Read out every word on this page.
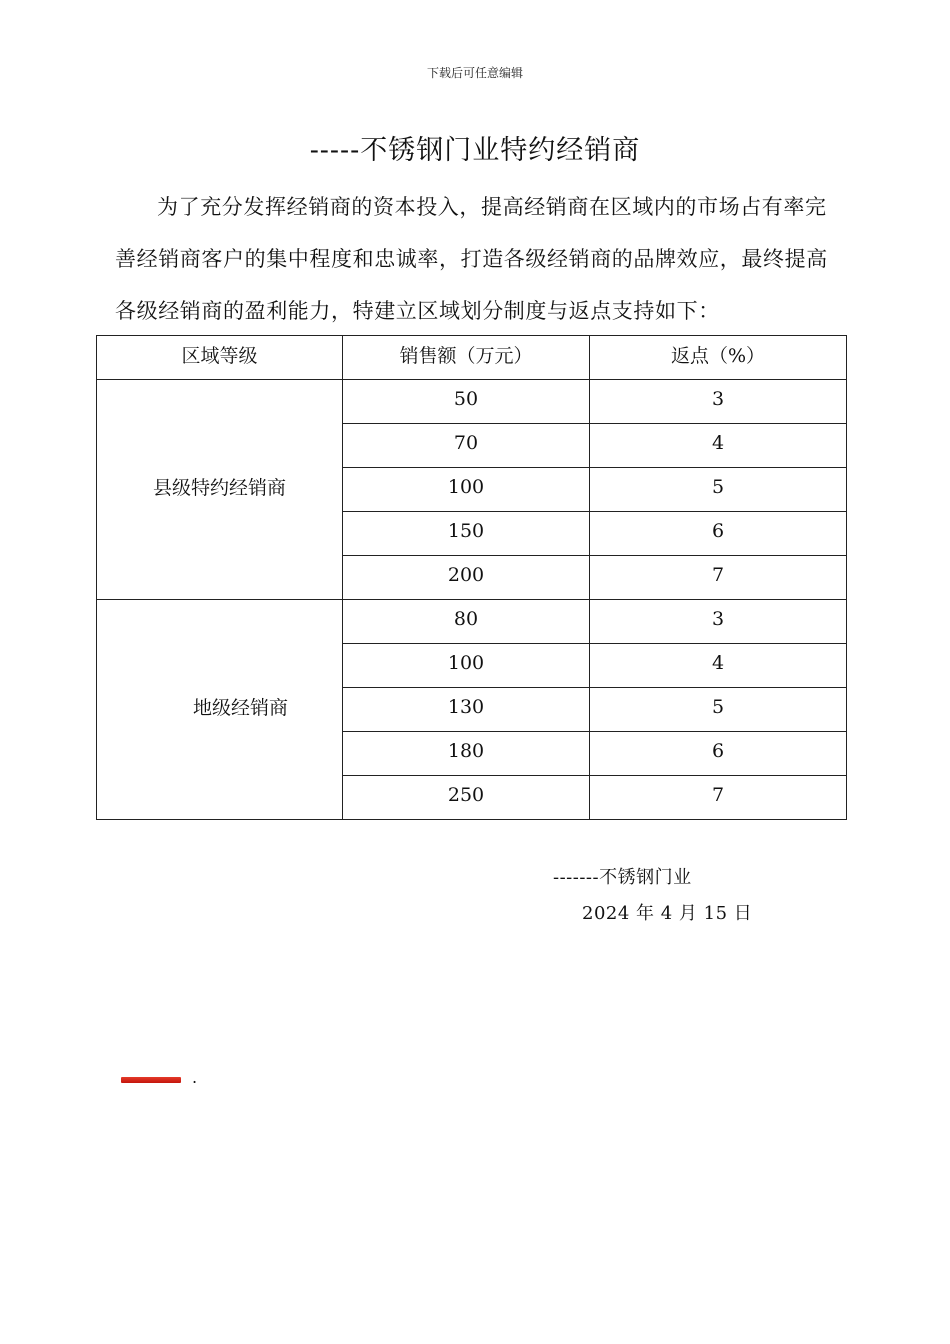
下载后可任意编辑
-----不锈钢门业特约经销商

为了充分发挥经销商的资本投入，提高经销商在区域内的市场占有率完善经销商客户的集中程度和忠诚率，打造各级经销商的品牌效应，最终提高各级经销商的盈利能力，特建立区域划分制度与返点支持如下：

区域等级	销售额（万元）	返点（%）
县级特约经销商	50	3
	70	4
	100	5
	150	6
	200	7
地级经销商	80	3
	100	4
	130	5
	180	6
	250	7
-------不锈钢门业
2024 年 4 月 15 日
.
